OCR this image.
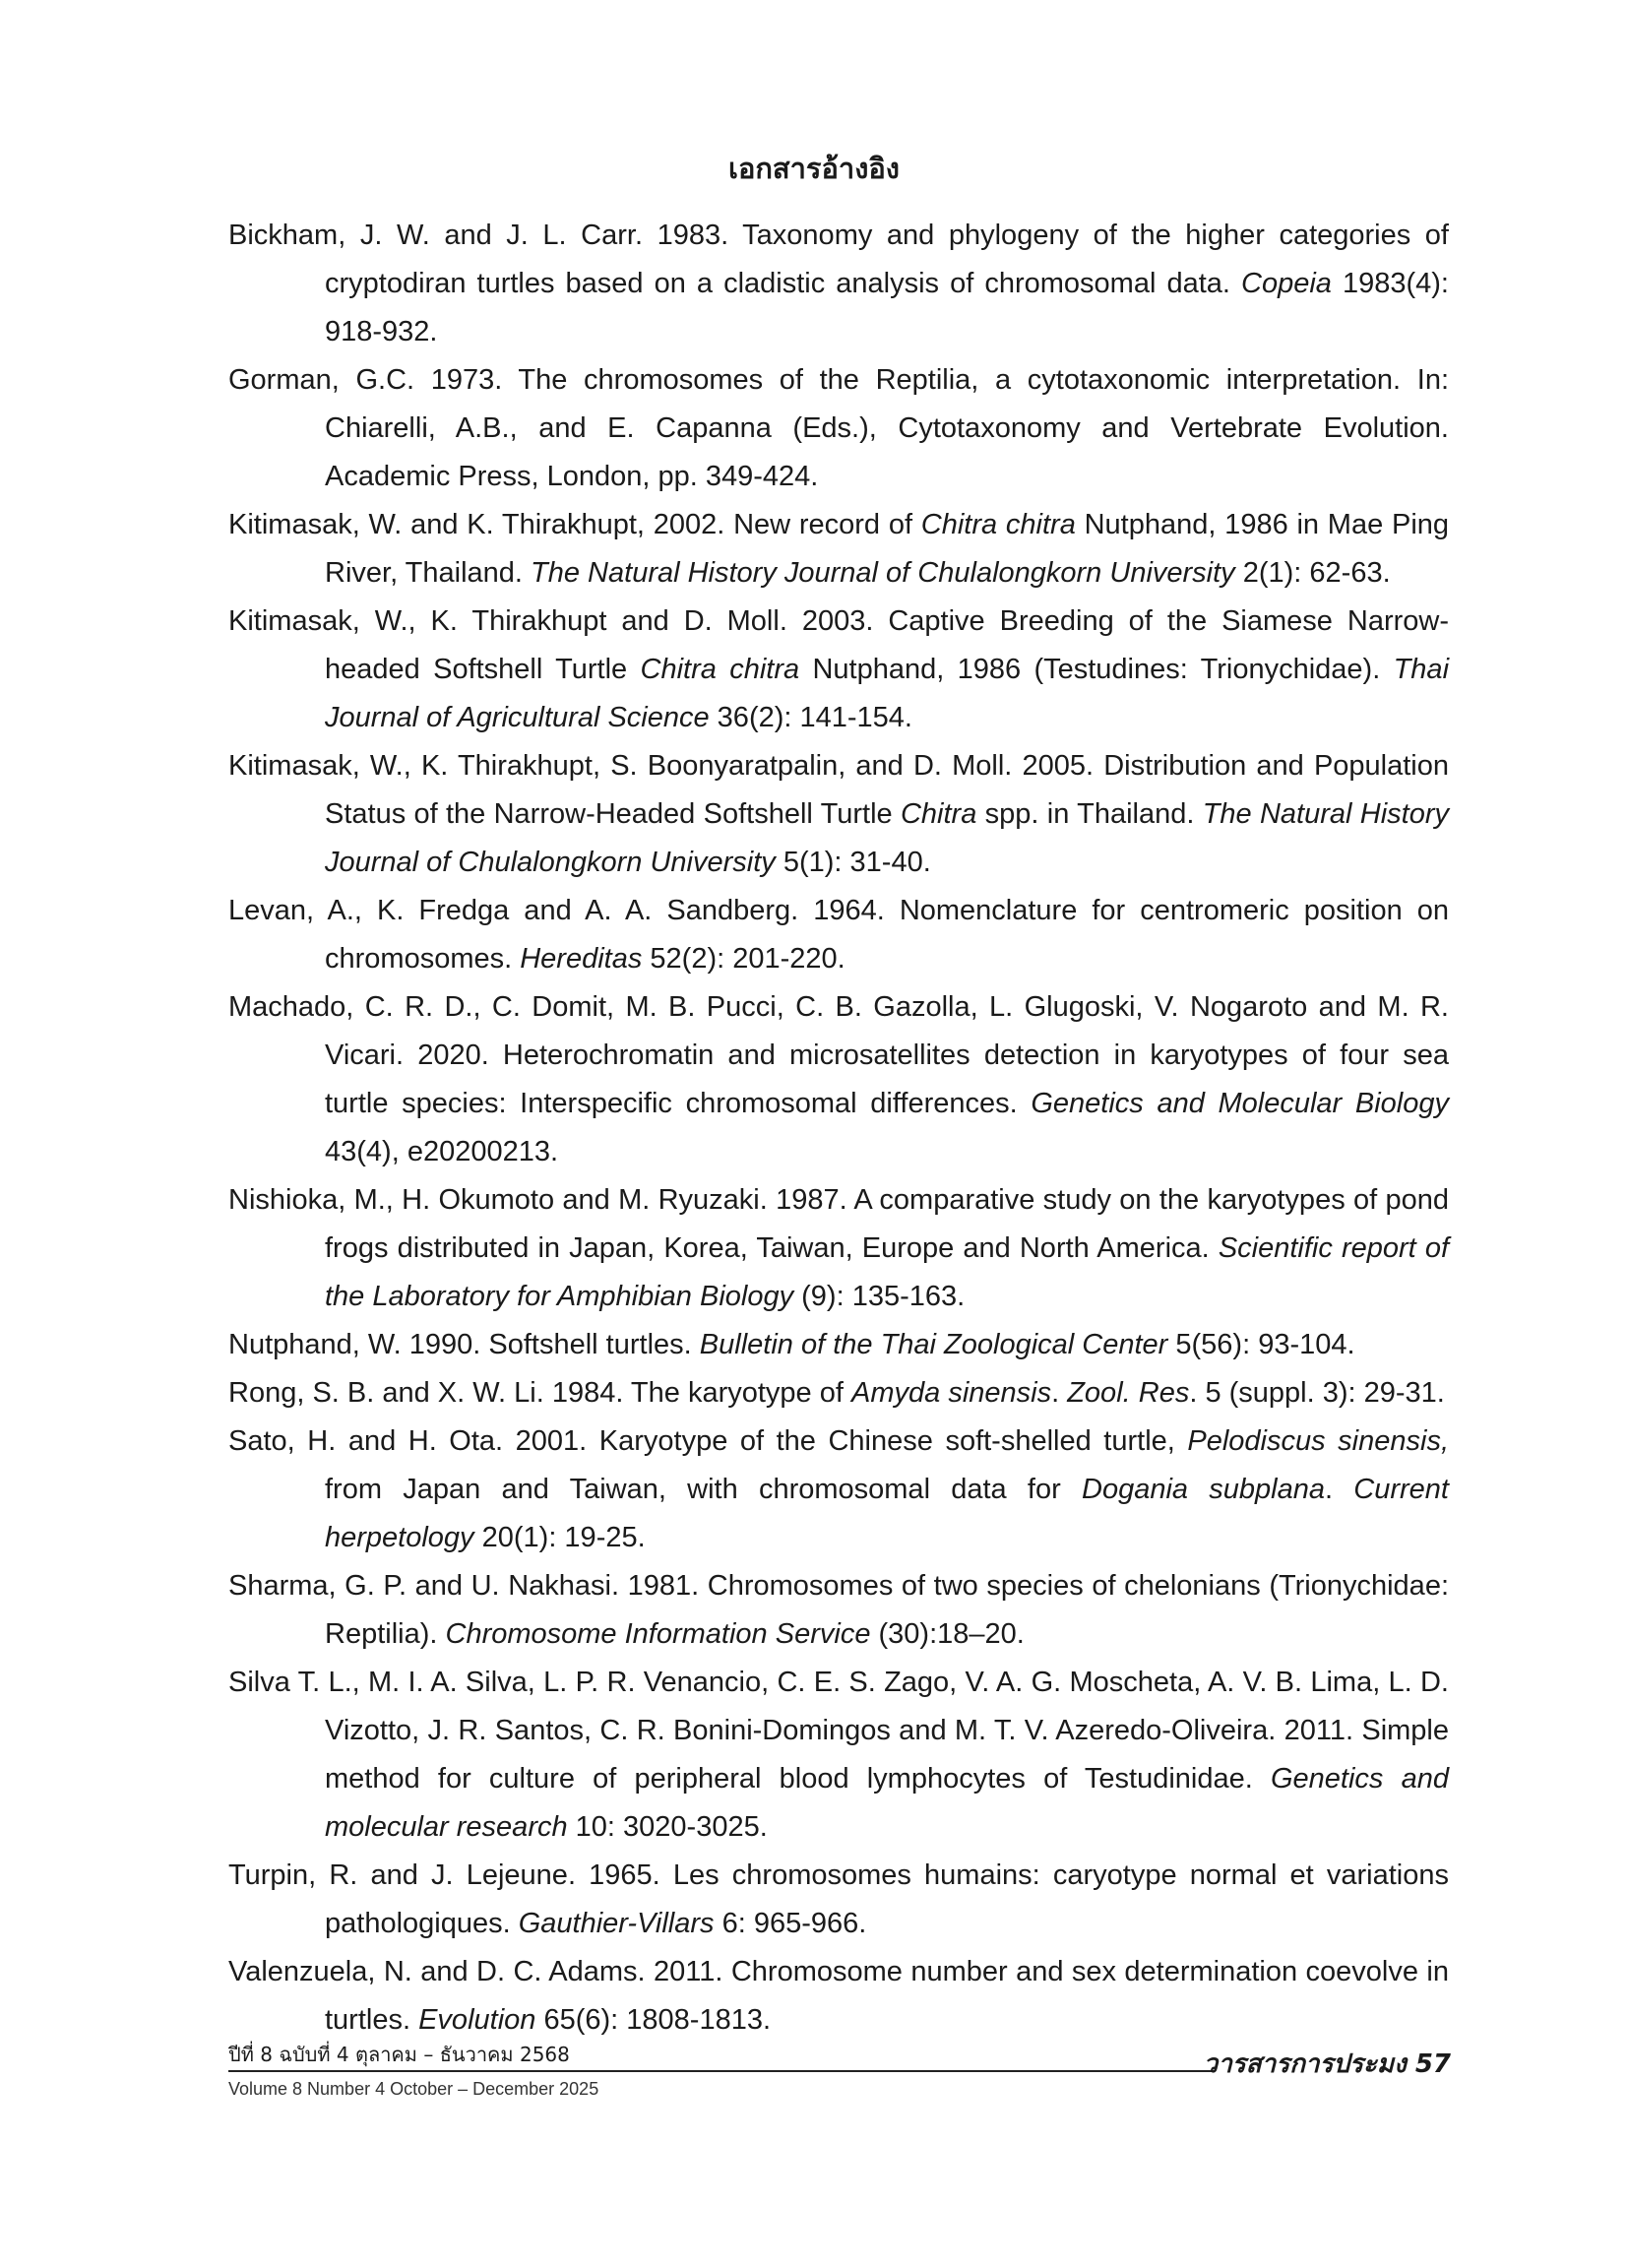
เอกสารอ้างอิง
Bickham, J. W. and J. L. Carr. 1983. Taxonomy and phylogeny of the higher categories of cryptodiran turtles based on a cladistic analysis of chromosomal data. Copeia 1983(4): 918-932.
Gorman, G.C. 1973. The chromosomes of the Reptilia, a cytotaxonomic interpretation. In: Chiarelli, A.B., and E. Capanna (Eds.), Cytotaxonomy and Vertebrate Evolution. Academic Press, London, pp. 349-424.
Kitimasak, W. and K. Thirakhupt, 2002. New record of Chitra chitra Nutphand, 1986 in Mae Ping River, Thailand. The Natural History Journal of Chulalongkorn University 2(1): 62-63.
Kitimasak, W., K. Thirakhupt and D. Moll. 2003. Captive Breeding of the Siamese Narrow- headed Softshell Turtle Chitra chitra Nutphand, 1986 (Testudines: Trionychidae). Thai Journal of Agricultural Science 36(2): 141-154.
Kitimasak, W., K. Thirakhupt, S. Boonyaratpalin, and D. Moll. 2005. Distribution and Population Status of the Narrow-Headed Softshell Turtle Chitra spp. in Thailand. The Natural History Journal of Chulalongkorn University 5(1): 31-40.
Levan, A., K. Fredga and A. A. Sandberg. 1964. Nomenclature for centromeric position on chromosomes. Hereditas 52(2): 201-220.
Machado, C. R. D., C. Domit, M. B. Pucci, C. B. Gazolla, L. Glugoski, V. Nogaroto and M. R. Vicari. 2020. Heterochromatin and microsatellites detection in karyotypes of four sea turtle species: Interspecific chromosomal differences. Genetics and Molecular Biology 43(4), e20200213.
Nishioka, M., H. Okumoto and M. Ryuzaki. 1987. A comparative study on the karyotypes of pond frogs distributed in Japan, Korea, Taiwan, Europe and North America. Scientific report of the Laboratory for Amphibian Biology (9): 135-163.
Nutphand, W. 1990. Softshell turtles. Bulletin of the Thai Zoological Center 5(56): 93-104.
Rong, S. B. and X. W. Li. 1984. The karyotype of Amyda sinensis. Zool. Res. 5 (suppl. 3): 29-31.
Sato, H. and H. Ota. 2001. Karyotype of the Chinese soft-shelled turtle, Pelodiscus sinensis, from Japan and Taiwan, with chromosomal data for Dogania subplana. Current herpetology 20(1): 19-25.
Sharma, G. P. and U. Nakhasi. 1981. Chromosomes of two species of chelonians (Trionychidae: Reptilia). Chromosome Information Service (30):18–20.
Silva T. L., M. I. A. Silva, L. P. R. Venancio, C. E. S. Zago, V. A. G. Moscheta, A. V. B. Lima, L. D. Vizotto, J. R. Santos, C. R. Bonini-Domingos and M. T. V. Azeredo-Oliveira. 2011. Simple method for culture of peripheral blood lymphocytes of Testudinidae. Genetics and molecular research 10: 3020-3025.
Turpin, R. and J. Lejeune. 1965. Les chromosomes humains: caryotype normal et variations pathologiques. Gauthier-Villars 6: 965-966.
Valenzuela, N. and D. C. Adams. 2011. Chromosome number and sex determination coevolve in turtles. Evolution 65(6): 1808-1813.
ปีที่ 8 ฉบับที่ 4 ตุลาคม – ธันวาคม 2568	วารสารการประมง 57
Volume 8 Number 4 October – December 2025
